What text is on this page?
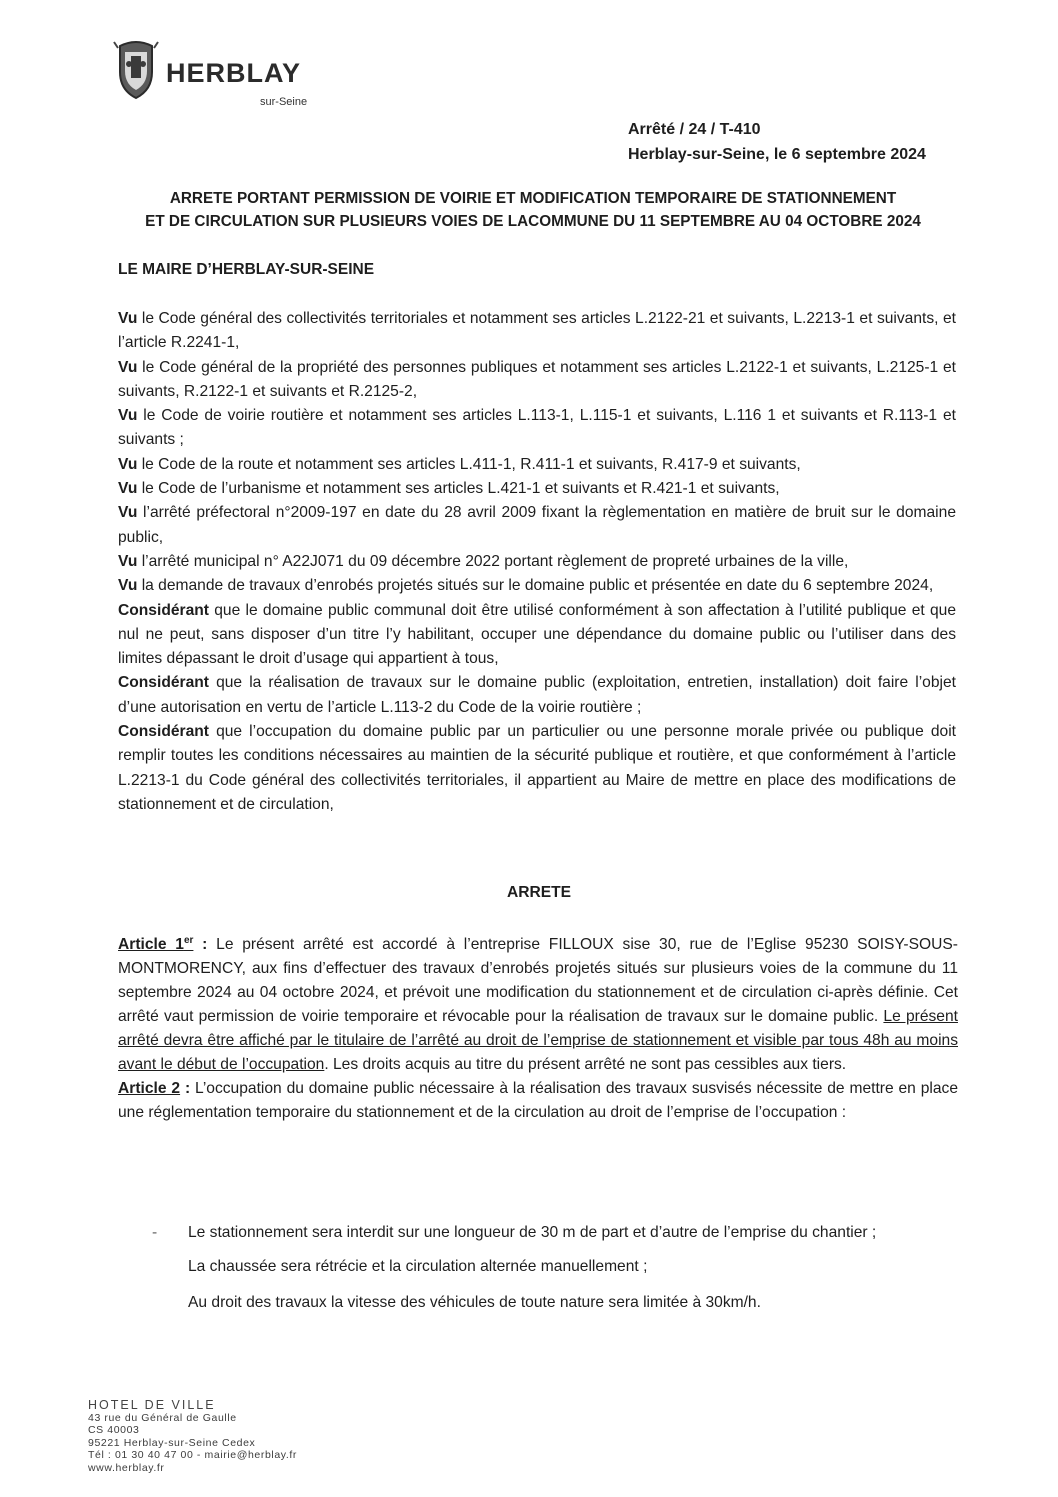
HERBLAY
sur-Seine
Arrêté / 24 / T-410
Herblay-sur-Seine, le 6 septembre 2024
ARRETE PORTANT PERMISSION DE VOIRIE ET MODIFICATION TEMPORAIRE DE STATIONNEMENT
ET DE CIRCULATION SUR PLUSIEURS VOIES DE LACOMMUNE DU 11 SEPTEMBRE AU 04 OCTOBRE 2024
LE MAIRE D’HERBLAY-SUR-SEINE

Vu le Code général des collectivités territoriales et notamment ses articles L.2122-21 et suivants, L.2213-1 et suivants, et l’article R.2241-1,

Vu le Code général de la propriété des personnes publiques et notamment ses articles L.2122-1 et suivants, L.2125-1 et suivants, R.2122-1 et suivants et R.2125-2,

Vu le Code de voirie routière et notamment ses articles L.113-1, L.115-1 et suivants, L.116 1 et suivants et R.113-1 et suivants ;

Vu le Code de la route et notamment ses articles L.411-1, R.411-1 et suivants, R.417-9 et suivants,

Vu le Code de l’urbanisme et notamment ses articles L.421-1 et suivants et R.421-1 et suivants,

Vu l’arrêté préfectoral n°2009-197 en date du 28 avril 2009 fixant la règlementation en matière de bruit sur le domaine public,

Vu l’arrêté municipal n° A22J071 du 09 décembre 2022 portant règlement de propreté urbaines de la ville,

Vu la demande de travaux d’enrobés projetés situés sur le domaine public et présentée en date du 6 septembre 2024,

Considérant que le domaine public communal doit être utilisé conformément à son affectation à l’utilité publique et que nul ne peut, sans disposer d’un titre l’y habilitant, occuper une dépendance du domaine public ou l’utiliser dans des limites dépassant le droit d’usage qui appartient à tous,

Considérant que la réalisation de travaux sur le domaine public (exploitation, entretien, installation) doit faire l’objet d’une autorisation en vertu de l’article L.113-2 du Code de la voirie routière ;

Considérant que l’occupation du domaine public par un particulier ou une personne morale privée ou publique doit remplir toutes les conditions nécessaires au maintien de la sécurité publique et routière, et que conformément à l’article L.2213-1 du Code général des collectivités territoriales, il appartient au Maire de mettre en place des modifications de stationnement et de circulation,

ARRETE

Article 1er : Le présent arrêté est accordé à l’entreprise FILLOUX sise 30, rue de l’Eglise 95230 SOISY-SOUS-MONTMORENCY, aux fins d’effectuer des travaux d’enrobés projetés situés sur plusieurs voies de la commune du 11 septembre 2024 au 04 octobre 2024, et prévoit une modification du stationnement et de circulation ci-après définie. Cet arrêté vaut permission de voirie temporaire et révocable pour la réalisation de travaux sur le domaine public. Le présent arrêté devra être affiché par le titulaire de l’arrêté au droit de l’emprise de stationnement et visible par tous 48h au moins avant le début de l’occupation. Les droits acquis au titre du présent arrêté ne sont pas cessibles aux tiers.

Article 2 : L’occupation du domaine public nécessaire à la réalisation des travaux susvisés nécessite de mettre en place une réglementation temporaire du stationnement et de la circulation au droit de l’emprise de l’occupation :

- Le stationnement sera interdit sur une longueur de 30 m de part et d’autre de l’emprise du chantier ;
La chaussée sera rétrécie et la circulation alternée manuellement ;
Au droit des travaux la vitesse des véhicules de toute nature sera limitée à 30km/h.
HOTEL DE VILLE
43 rue du Général de Gaulle
CS 40003
95221 Herblay-sur-Seine Cedex
Tél : 01 30 40 47 00 - mairie@herblay.fr
www.herblay.fr
